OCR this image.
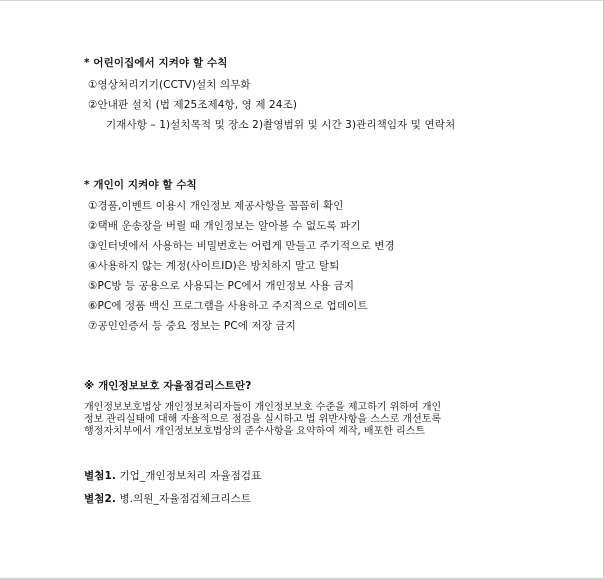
* 어린이집에서 지켜야 할 수칙
①영상처리기기(CCTV)설치 의무화
②안내판 설치 (법 제25조제4항, 영 제 24조)
기재사항 – 1)설치목적 및 장소 2)촬영범위 및 시간 3)관리책임자 및 연락처
* 개인이 지켜야 할 수칙
①경품,이벤트 이용시 개인정보 제공사항을 꼼꼼히 확인
②택배 운송장을 버릴 때 개인정보는 알아볼 수 없도록 파기
③인터넷에서 사용하는 비밀번호는 어렵게 만들고 주기적으로 변경
④사용하지 않는 계정(사이트ID)은 방치하지 말고 탈퇴
⑤PC방 등 공용으로 사용되는 PC에서 개인정보 사용 금지
⑥PC에 정품 백신 프로그램을 사용하고 주지적으로 업데이트
⑦공인인증서 등 중요 정보는 PC에 저장 금지
※ 개인정보보호 자율점검리스트란?
개인정보보호법상 개인정보처리자들이 개인정보보호 수준을 제고하기 위하여 개인
정보 관리실태에 대해 자율적으로 점검을 실시하고 법 위반사항을 스스로 개선토록
행정자치부에서 개인정보보호법상의 준수사항을 요약하여 제작, 배포한 리스트
별첨1. 기업_개인정보처리 자율점검표
별첨2. 병.의원_자율점검체크리스트
